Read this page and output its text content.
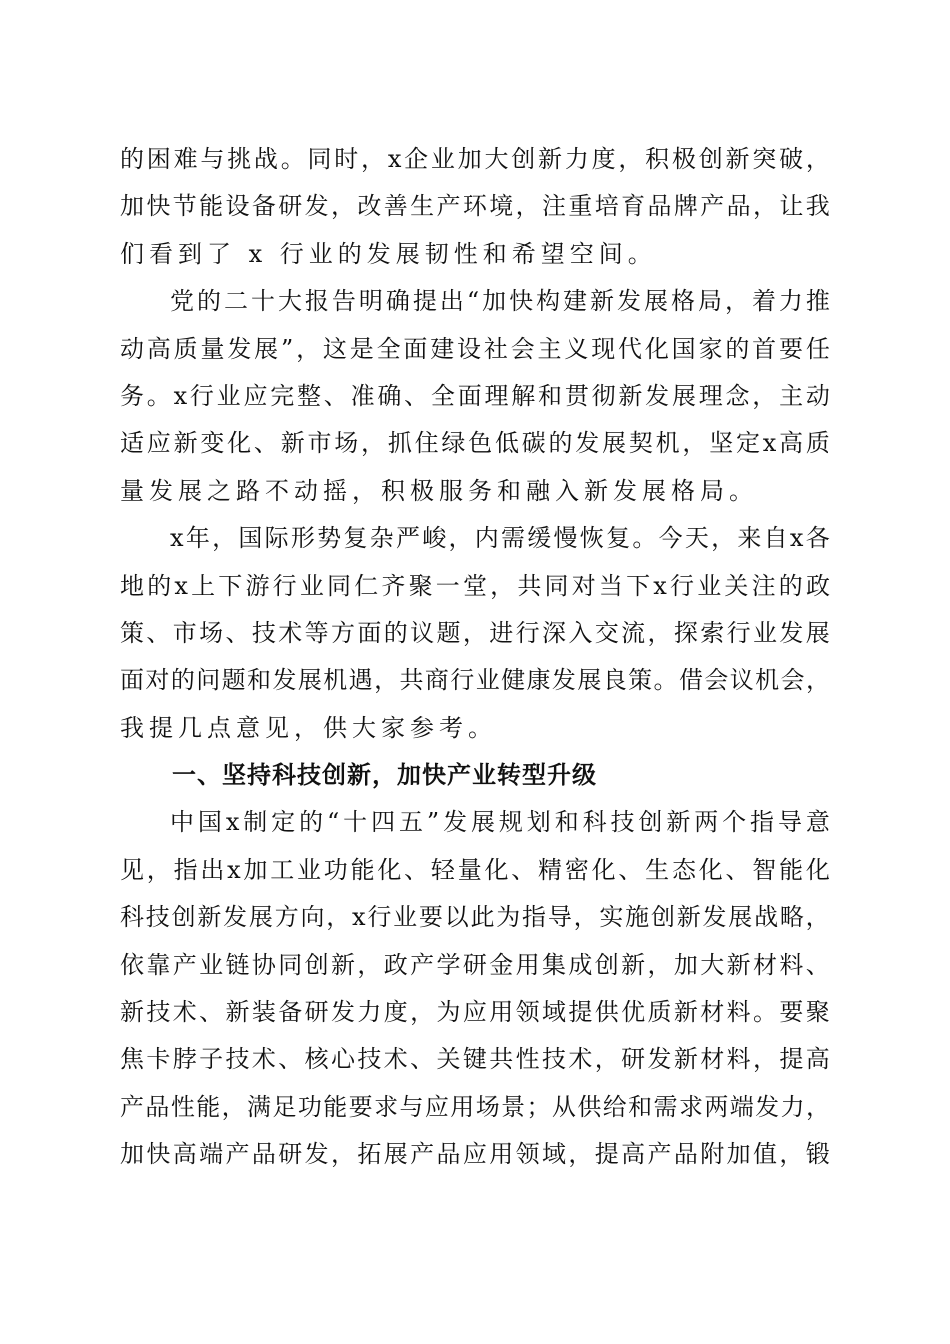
的 困 难 与 挑 战 。 同 时 ， x 企 业 加 大 创 新 力 度 ， 积 极 创 新 突 破 ，
加 快 节 能 设 备 研 发 ， 改 善 生 产 环 境 ， 注 重 培 育 品 牌 产 品 ， 让 我
们看到了 x 行业的发展韧性和希望空间。
党 的 二 十 大 报 告 明 确 提 出 “ 加 快 构 建 新 发 展 格 局 ， 着 力 推
动 高 质 量 发 展 ” ， 这 是 全 面 建 设 社 会 主 义 现 代 化 国 家 的 首 要 任
务 。 x 行 业 应 完 整 、 准 确 、 全 面 理 解 和 贯 彻 新 发 展 理 念 ， 主 动
适 应 新 变 化 、 新 市 场 ， 抓 住 绿 色 低 碳 的 发 展 契 机 ， 坚 定 x 高 质
量发展之路不动摇，积极服务和融入新发展格局。
x 年 ， 国 际 形 势 复 杂 严 峻 ， 内 需 缓 慢 恢 复 。 今 天 ， 来 自 x 各
地 的 x 上 下 游 行 业 同 仁 齐 聚 一 堂 ， 共 同 对 当 下 x 行 业 关 注 的 政
策 、 市 场 、 技 术 等 方 面 的 议 题 ， 进 行 深 入 交 流 ， 探 索 行 业 发 展
面 对 的 问 题 和 发 展 机 遇 ， 共 商 行 业 健 康 发 展 良 策 。 借 会 议 机 会 ，
我提几点意见，供大家参考。
一、坚持科技创新，加快产业转型升级
中 国 x 制 定 的 “ 十 四 五 ” 发 展 规 划 和 科 技 创 新 两 个 指 导 意
见 ， 指 出 x 加 工 业 功 能 化 、 轻 量 化 、 精 密 化 、 生 态 化 、 智 能 化
科 技 创 新 发 展 方 向 ， x 行 业 要 以 此 为 指 导 ， 实 施 创 新 发 展 战 略 ，
依 靠 产 业 链 协 同 创 新 ， 政 产 学 研 金 用 集 成 创 新 ， 加 大 新 材 料 、
新 技 术 、 新 装 备 研 发 力 度 ， 为 应 用 领 域 提 供 优 质 新 材 料 。 要 聚
焦 卡 脖 子 技 术 、 核 心 技 术 、 关 键 共 性 技 术 ， 研 发 新 材 料 ， 提 高
产 品 性 能 ， 满 足 功 能 要 求 与 应 用 场 景 ； 从 供 给 和 需 求 两 端 发 力 ，
加 快 高 端 产 品 研 发 ， 拓 展 产 品 应 用 领 域 ， 提 高 产 品 附 加 值 ， 锻
